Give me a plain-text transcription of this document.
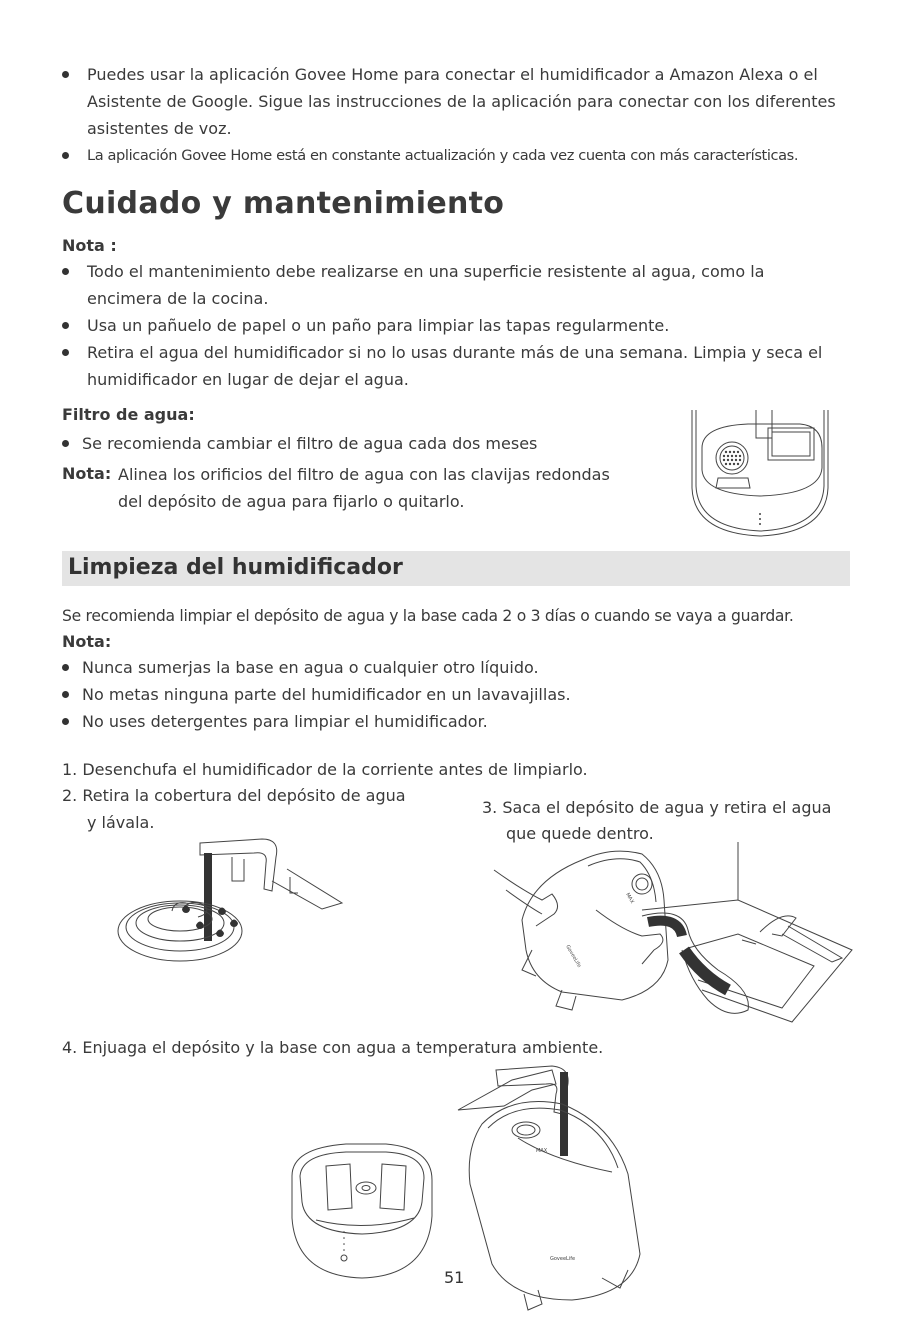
Puedes usar la aplicación Govee Home para conectar el humidificador a Amazon Alexa o el
Asistente de Google. Sigue las instrucciones de la aplicación para conectar con los diferentes
asistentes de voz.
La aplicación Govee Home está en constante actualización y cada vez cuenta con más características.
Cuidado y mantenimiento
Nota :
Todo el mantenimiento debe realizarse en una superficie resistente al agua, como la
encimera de la cocina.
Usa un pañuelo de papel o un paño para limpiar las tapas regularmente.
Retira el agua del humidificador si no lo usas durante más de una semana. Limpia y seca el
humidificador en lugar de dejar el agua.
Filtro de agua:
Se recomienda cambiar el filtro de agua cada dos meses
Nota: Alinea los orificios del filtro de agua con las clavijas redondas
del depósito de agua para fijarlo o quitarlo.
Limpieza del humidificador
Se recomienda limpiar el depósito de agua y la base cada 2 o 3 días o cuando se vaya a guardar.
Nota:
Nunca sumerjas la base en agua o cualquier otro líquido.
No metas ninguna parte del humidificador en un lavavajillas.
No uses detergentes para limpiar el humidificador.
1. Desenchufa el humidificador de la corriente antes de limpiarlo.
2. Retira la cobertura del depósito de agua
y lávala.
3. Saca el depósito de agua y retira el agua
que quede dentro.
GoveeLife
MAX
4. Enjuaga el depósito y la base con agua a temperatura ambiente.
MAX
GoveeLife
51
